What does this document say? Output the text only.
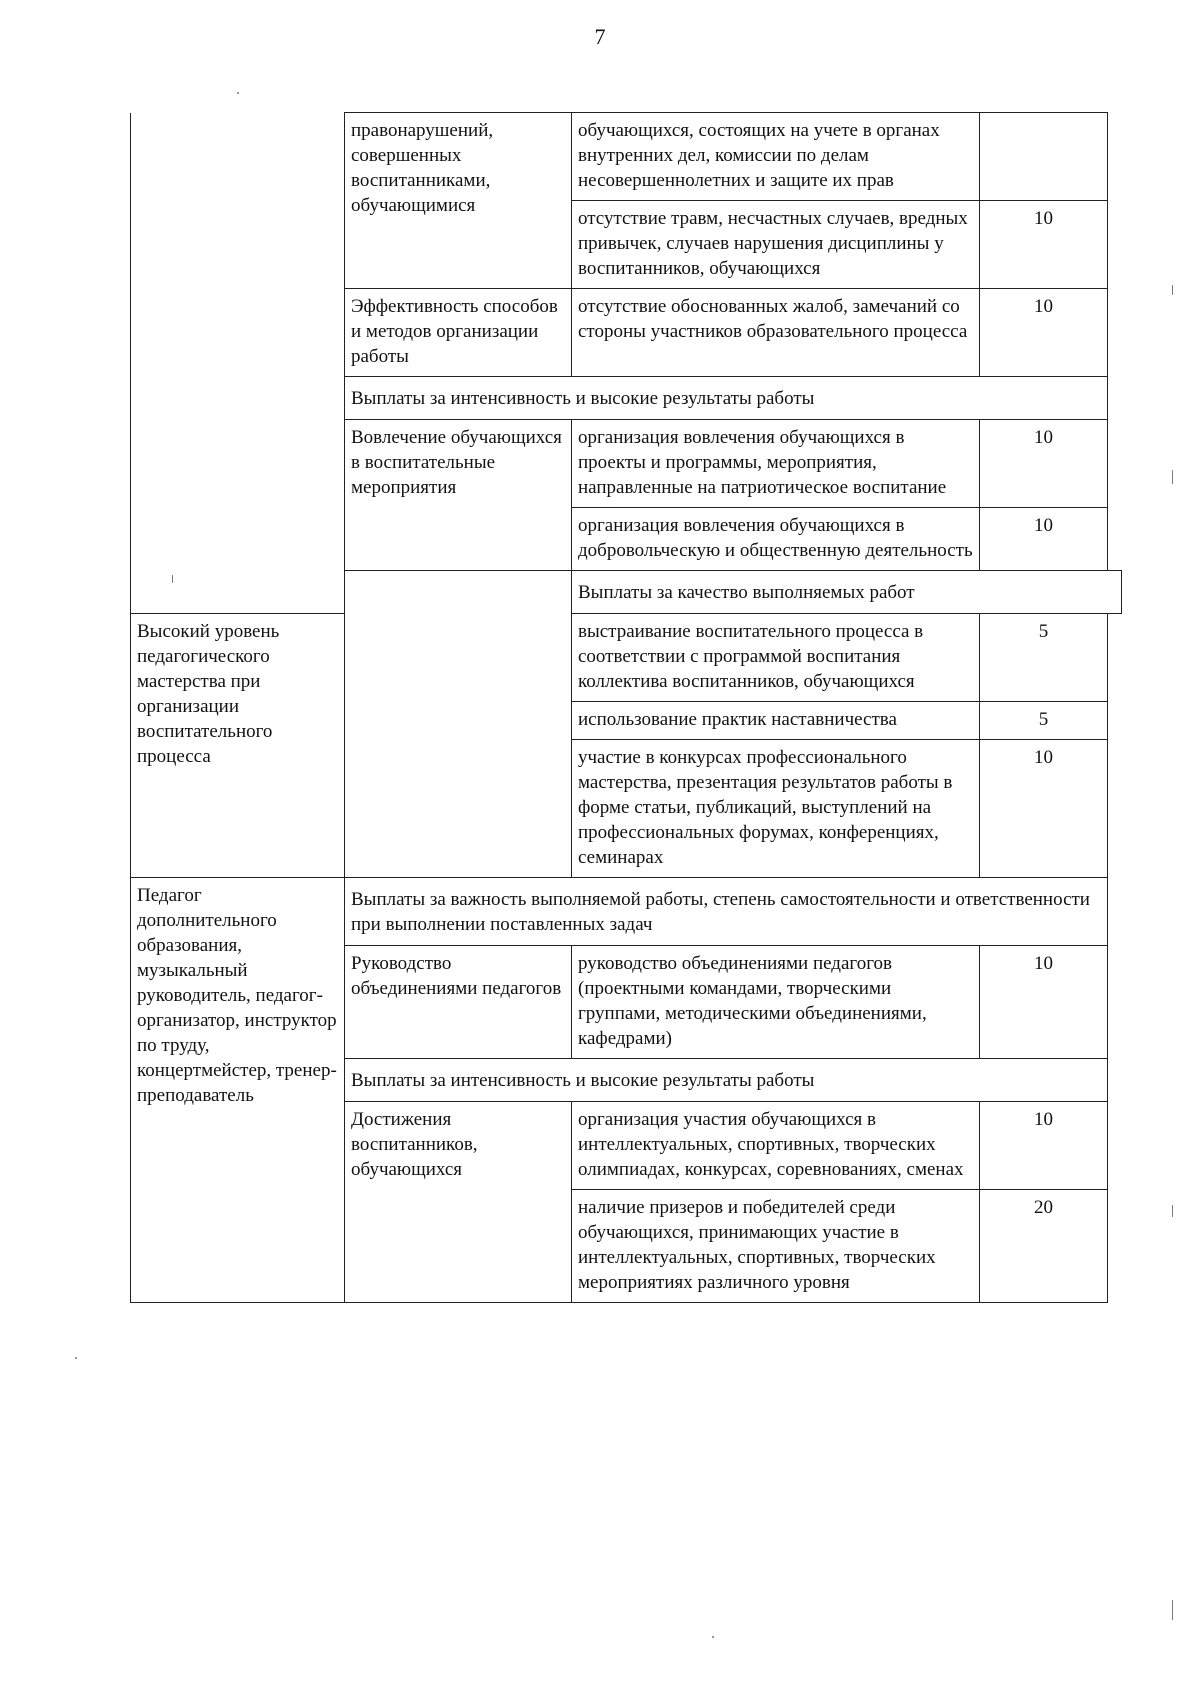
7
	правонарушений, совершенных воспитанниками, обучающимися	обучающихся, состоящих на учете в органах внутренних дел, комиссии по делам несовершеннолетних и защите их прав	
		отсутствие травм, несчастных случаев, вредных привычек, случаев нарушения дисциплины у воспитанников, обучающихся	10
	Эффективность способов и методов организации работы	отсутствие обоснованных жалоб, замечаний со стороны участников образовательного процесса	10
	Выплаты за интенсивность и высокие результаты работы		
	Вовлечение обучающихся в воспитательные мероприятия	организация вовлечения обучающихся в проекты и программы, мероприятия, направленные на патриотическое воспитание	10
		организация вовлечения обучающихся в добровольческую и общественную деятельность	10
		Выплаты за качество выполняемых работ	
Высокий уровень педагогического мастерства при организации воспитательного процесса		выстраивание воспитательного процесса в соответствии с программой воспитания коллектива воспитанников, обучающихся	5
		использование практик наставничества	5
		участие в конкурсах профессионального мастерства, презентация результатов работы в форме статьи, публикаций, выступлений на профессиональных форумах, конференциях, семинарах	10
Педагог дополнительного образования, музыкальный руководитель, педагог-организатор, инструктор по труду, концертмейстер, тренер-преподаватель	Выплаты за важность выполняемой работы, степень самостоятельности и ответственности при выполнении поставленных задач		
	Руководство объединениями педагогов	руководство объединениями педагогов (проектными командами, творческими группами, методическими объединениями, кафедрами)	10
	Выплаты за интенсивность и высокие результаты работы		
	Достижения воспитанников, обучающихся	организация участия обучающихся в интеллектуальных, спортивных, творческих олимпиадах, конкурсах, соревнованиях, сменах	10
		наличие призеров и победителей среди обучающихся, принимающих участие в интеллектуальных, спортивных, творческих мероприятиях различного уровня	20
